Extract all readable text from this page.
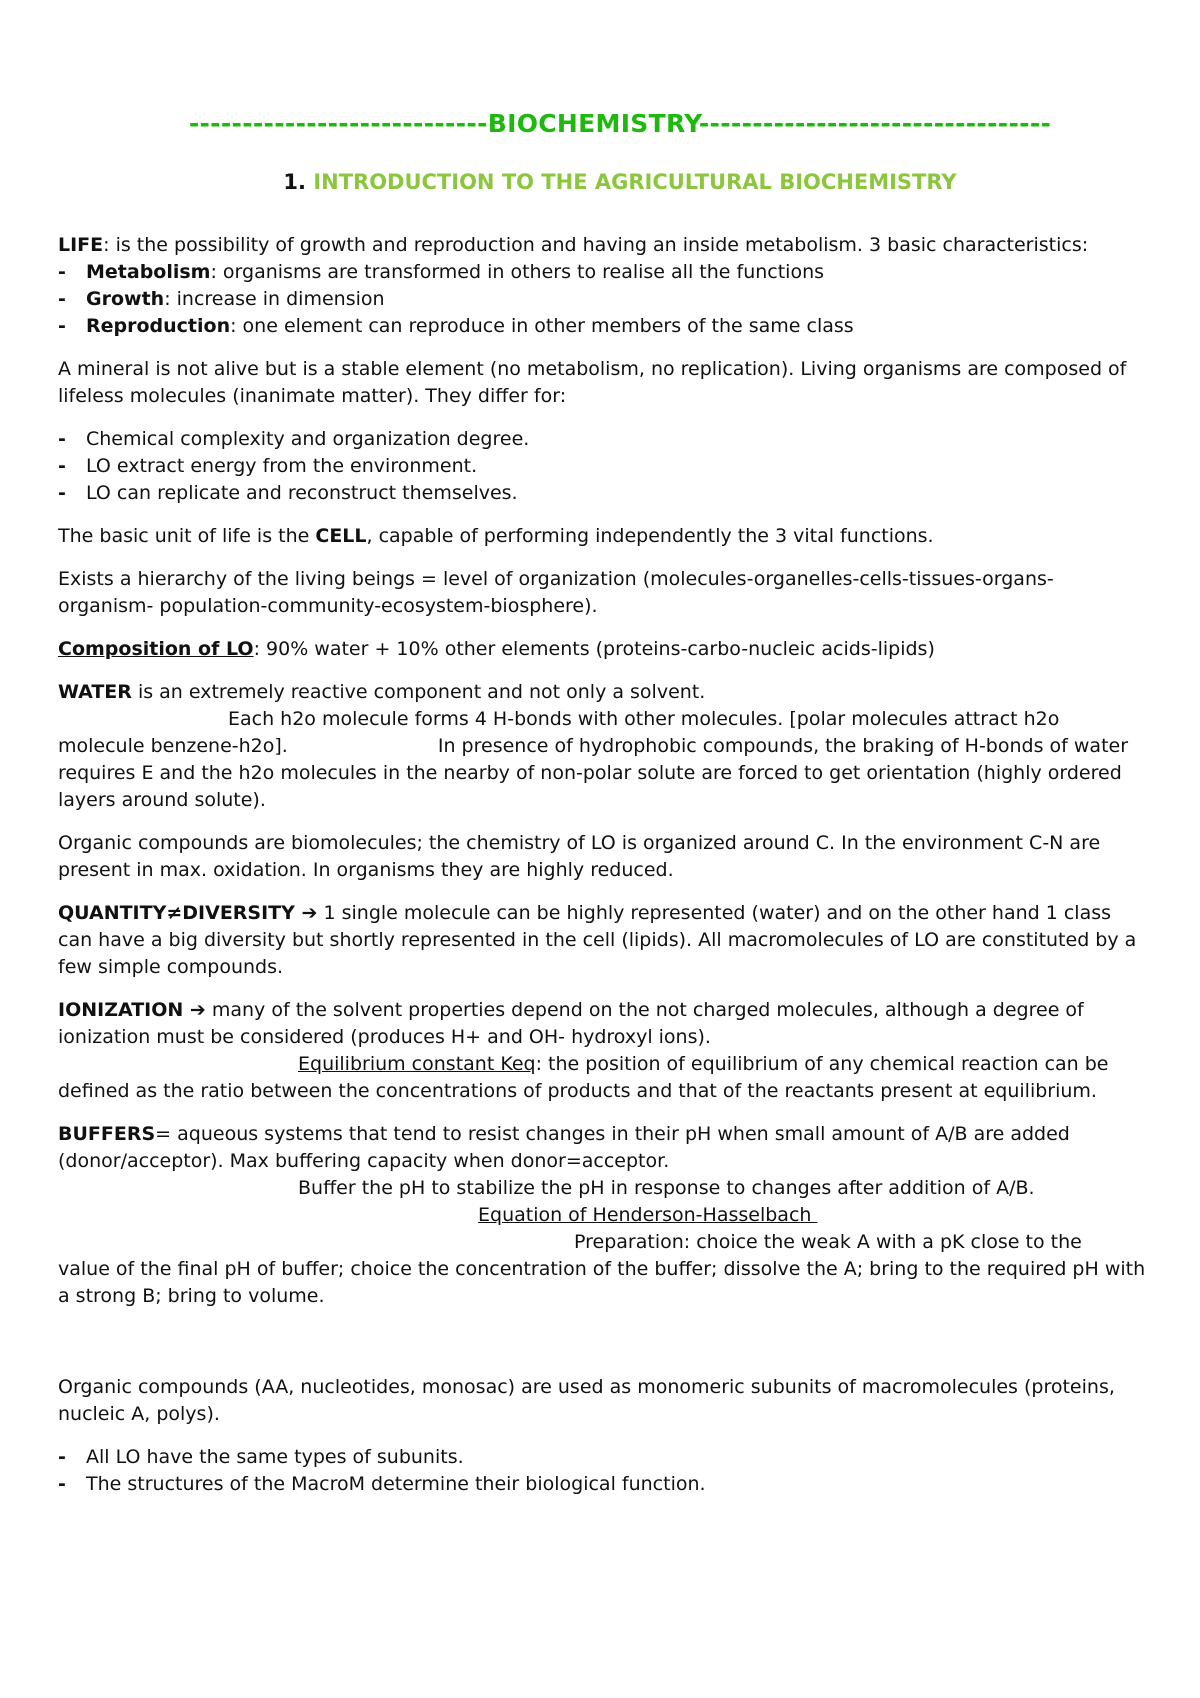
----------------------------BIOCHEMISTRY---------------------------------
1. INTRODUCTION TO THE AGRICULTURAL BIOCHEMISTRY

LIFE: is the possibility of growth and reproduction and having an inside metabolism. 3 basic characteristics:

- Metabolism: organisms are transformed in others to realise all the functions
- Growth: increase in dimension
- Reproduction: one element can reproduce in other members of the same class

A mineral is not alive but is a stable element (no metabolism, no replication). Living organisms are composed of lifeless molecules (inanimate matter). They differ for:

- Chemical complexity and organization degree.
- LO extract energy from the environment.
- LO can replicate and reconstruct themselves.

The basic unit of life is the CELL, capable of performing independently the 3 vital functions.

Exists a hierarchy of the living beings = level of organization (molecules-organelles-cells-tissues-organs-organism- population-community-ecosystem-biosphere).

Composition of LO: 90% water + 10% other elements (proteins-carbo-nucleic acids-lipids)

WATER is an extremely reactive component and not only a solvent.
Each h2o molecule forms 4 H-bonds with other molecules. [polar molecules attract h2o molecule benzene-h2o].	In presence of hydrophobic compounds, the braking of H-bonds of water requires E and the h2o molecules in the nearby of non-polar solute are forced to get orientation (highly ordered layers around solute).

Organic compounds are biomolecules; the chemistry of LO is organized around C. In the environment C-N are present in max. oxidation. In organisms they are highly reduced.

QUANTITY≠DIVERSITY ➔ 1 single molecule can be highly represented (water) and on the other hand 1 class can have a big diversity but shortly represented in the cell (lipids). All macromolecules of LO are constituted by a few simple compounds.

IONIZATION ➔ many of the solvent properties depend on the not charged molecules, although a degree of ionization must be considered (produces H+ and OH- hydroxyl ions).
Equilibrium constant Keq: the position of equilibrium of any chemical reaction can be defined as the ratio between the concentrations of products and that of the reactants present at equilibrium.

BUFFERS= aqueous systems that tend to resist changes in their pH when small amount of A/B are added (donor/acceptor). Max buffering capacity when donor=acceptor.

Buffer the pH to stabilize the pH in response to changes after addition of A/B.
Equation of Henderson-Hasselbach
Preparation: choice the weak A with a pK close to the

value of the final pH of buffer; choice the concentration of the buffer; dissolve the A; bring to the required pH with a strong B; bring to volume.

Organic compounds (AA, nucleotides, monosac) are used as monomeric subunits of macromolecules (proteins, nucleic A, polys).

- All LO have the same types of subunits.
- The structures of the MacroM determine their biological function.
